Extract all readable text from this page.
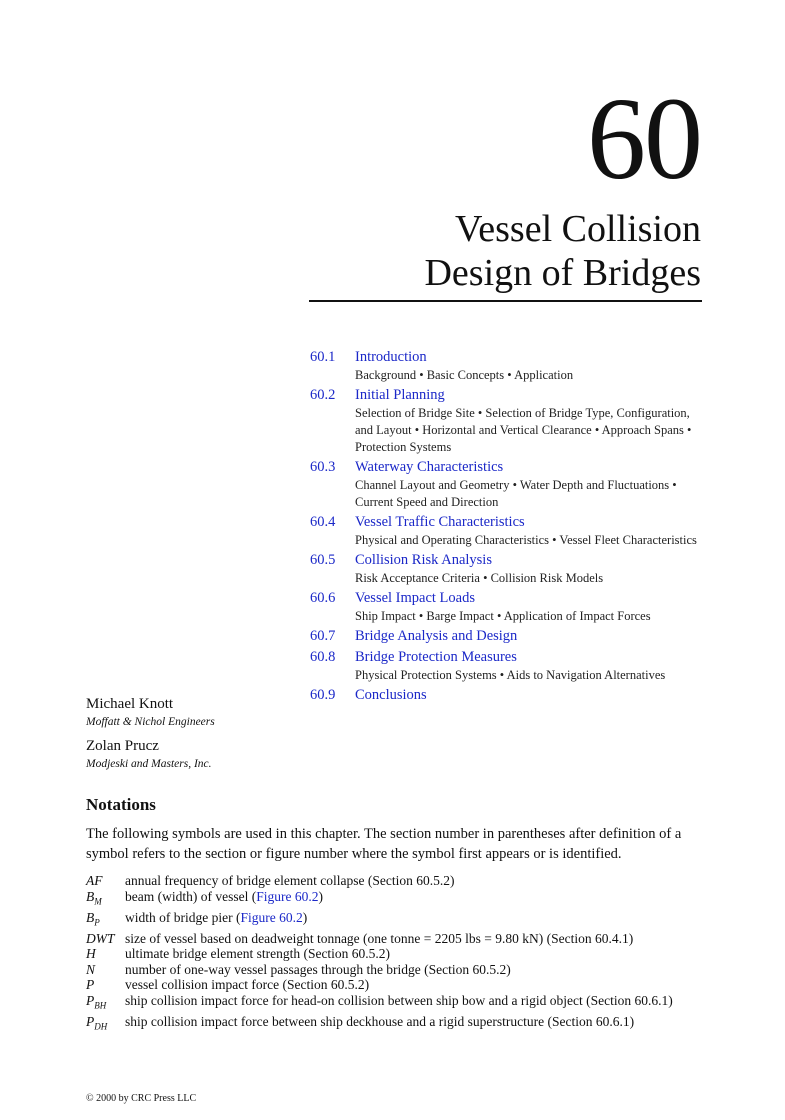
60
Vessel Collision
Design of Bridges
60.1	Introduction
Background • Basic Concepts • Application
60.2	Initial Planning
Selection of Bridge Site • Selection of Bridge Type, Configuration, and Layout • Horizontal and Vertical Clearance • Approach Spans • Protection Systems
60.3	Waterway Characteristics
Channel Layout and Geometry • Water Depth and Fluctuations • Current Speed and Direction
60.4	Vessel Traffic Characteristics
Physical and Operating Characteristics • Vessel Fleet Characteristics
60.5	Collision Risk Analysis
Risk Acceptance Criteria • Collision Risk Models
60.6	Vessel Impact Loads
Ship Impact • Barge Impact • Application of Impact Forces
60.7	Bridge Analysis and Design
60.8	Bridge Protection Measures
Physical Protection Systems • Aids to Navigation Alternatives
60.9	Conclusions
Michael Knott
Moffatt & Nichol Engineers
Zolan Prucz
Modjeski and Masters, Inc.
Notations

The following symbols are used in this chapter. The section number in parentheses after definition of a symbol refers to the section or figure number where the symbol first appears or is identified.

AF	annual frequency of bridge element collapse (Section 60.5.2)
$B_M$	beam (width) of vessel (Figure 60.2)
$B_P$	width of bridge pier (Figure 60.2)
DWT	size of vessel based on deadweight tonnage (one tonne = 2205 lbs = 9.80 kN) (Section 60.4.1)
H	ultimate bridge element strength (Section 60.5.2)
N	number of one-way vessel passages through the bridge (Section 60.5.2)
P	vessel collision impact force (Section 60.5.2)
$P_{BH}$	ship collision impact force for head-on collision between ship bow and a rigid object (Section 60.6.1)
$P_{DH}$	ship collision impact force between ship deckhouse and a rigid superstructure (Section 60.6.1)
© 2000 by CRC Press LLC
